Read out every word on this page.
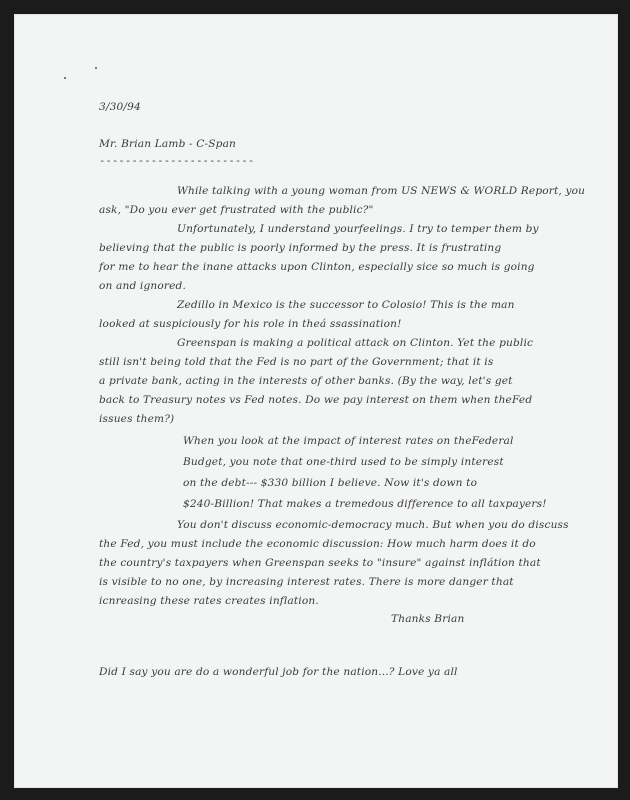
3/30/94
Mr. Brian Lamb - C-Span
------------------------
While talking with a young woman from US NEWS & WORLD Report, you
ask, "Do you ever get frustrated with the public?"
Unfortunately, I understand yourfeelings. I try to temper them by
believing that the public is poorly informed by the press. It is frustrating
for me to hear the inane attacks upon Clinton, especially sice so much is going
on and ignored.
Zedillo in Mexico is the successor to Colosio! This is the man
looked at suspiciously for his role in theá ssassination!
Greenspan is making a political attack on Clinton. Yet the public
still isn't being told that the Fed is no part of the Government; that it is
a private bank, acting in the interests of other banks. (By the way, let's get
back to Treasury notes vs Fed notes. Do we pay interest on them when theFed
issues them?)
When you look at the impact of interest rates on theFederal
Budget, you note that one-third used to be simply interest
on the debt--- $330 billion I believe. Now it's down to
$240-Billion! That makes a tremedous difference to all taxpayers!
You don't discuss economic-democracy much. But when you do discuss
the Fed, you must include the economic discussion: How much harm does it do
the country's taxpayers when Greenspan seeks to "insure" against inflátion that
is visible to no one, by increasing interest rates. There is more danger that
icnreasing these rates creates inflation.
Thanks Brian
Did I say you are do a wonderful job for the nation...? Love ya all
